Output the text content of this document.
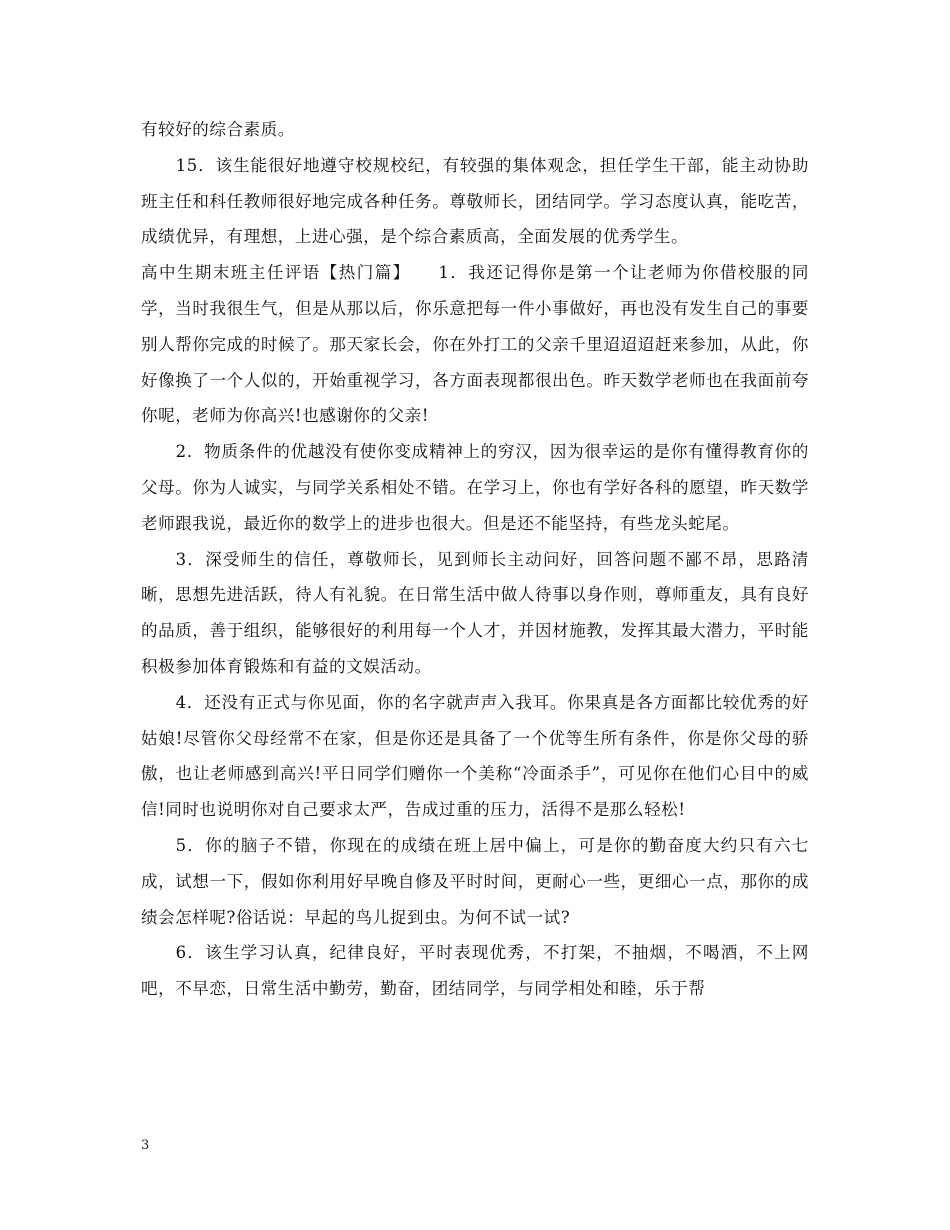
有较好的综合素质。

15．该生能很好地遵守校规校纪，有较强的集体观念，担任学生干部，能主动协助班主任和科任教师很好地完成各种任务。尊敬师长，团结同学。学习态度认真，能吃苦，成绩优异，有理想，上进心强，是个综合素质高，全面发展的优秀学生。

高中生期末班主任评语【热门篇】　　1．我还记得你是第一个让老师为你借校服的同学，当时我很生气，但是从那以后，你乐意把每一件小事做好，再也没有发生自己的事要别人帮你完成的时候了。那天家长会，你在外打工的父亲千里迢迢迢赶来参加，从此，你好像换了一个人似的，开始重视学习，各方面表现都很出色。昨天数学老师也在我面前夸你呢，老师为你高兴!也感谢你的父亲!

2．物质条件的优越没有使你变成精神上的穷汉，因为很幸运的是你有懂得教育你的父母。你为人诚实，与同学关系相处不错。在学习上，你也有学好各科的愿望，昨天数学老师跟我说，最近你的数学上的进步也很大。但是还不能坚持，有些龙头蛇尾。

3．深受师生的信任，尊敬师长，见到师长主动问好，回答问题不鄙不昂，思路清晰，思想先进活跃，待人有礼貌。在日常生活中做人待事以身作则，尊师重友，具有良好的品质，善于组织，能够很好的利用每一个人才，并因材施教，发挥其最大潜力，平时能积极参加体育锻炼和有益的文娱活动。

4．还没有正式与你见面，你的名字就声声入我耳。你果真是各方面都比较优秀的好姑娘!尽管你父母经常不在家，但是你还是具备了一个优等生所有条件，你是你父母的骄傲，也让老师感到高兴!平日同学们赠你一个美称“冷面杀手”，可见你在他们心目中的威信!同时也说明你对自己要求太严，告成过重的压力，活得不是那么轻松!

5．你的脑子不错，你现在的成绩在班上居中偏上，可是你的勤奋度大约只有六七成，试想一下，假如你利用好早晚自修及平时时间，更耐心一些，更细心一点，那你的成绩会怎样呢?俗话说：早起的鸟儿捉到虫。为何不试一试?

6．该生学习认真，纪律良好，平时表现优秀，不打架，不抽烟，不喝酒，不上网吧，不早恋，日常生活中勤劳，勤奋，团结同学，与同学相处和睦，乐于帮

3
